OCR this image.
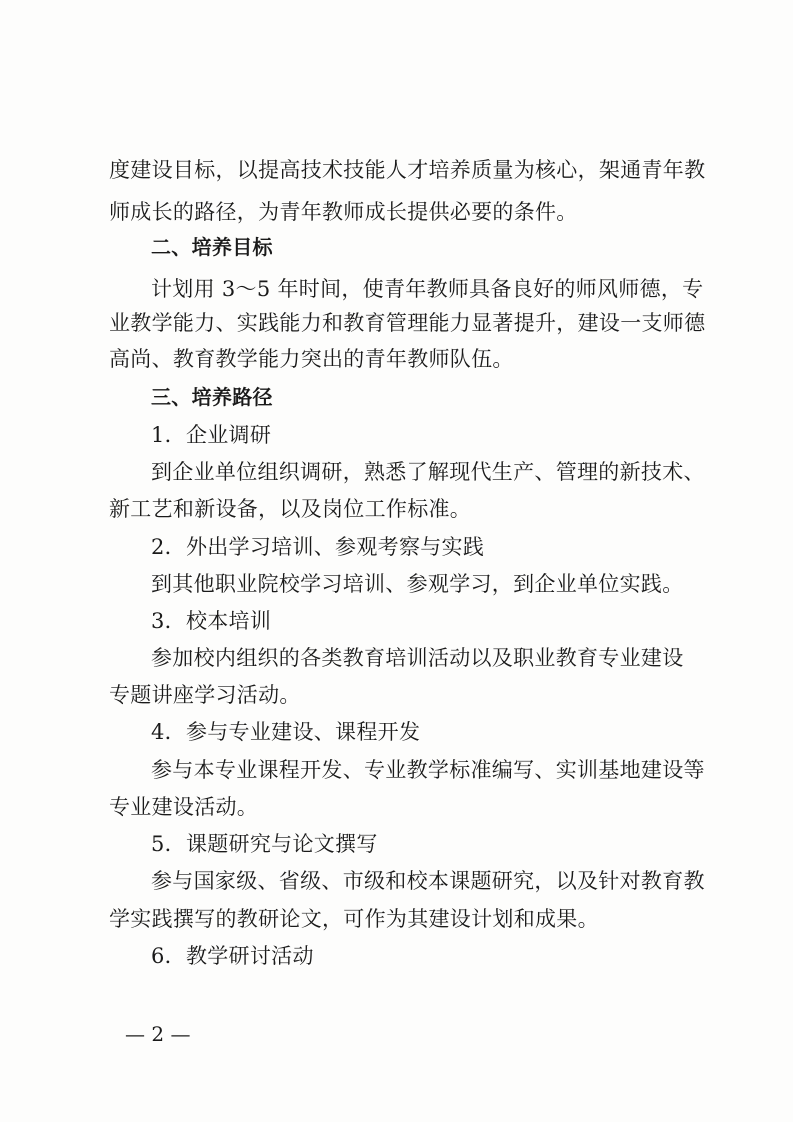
度建设目标，以提高技术技能人才培养质量为核心，架通青年教
师成长的路径，为青年教师成长提供必要的条件。
二、培养目标
计划用 3～5 年时间，使青年教师具备良好的师风师德，专
业教学能力、实践能力和教育管理能力显著提升，建设一支师德
高尚、教育教学能力突出的青年教师队伍。
三、培养路径
1．企业调研
到企业单位组织调研，熟悉了解现代生产、管理的新技术、
新工艺和新设备，以及岗位工作标准。
2．外出学习培训、参观考察与实践
到其他职业院校学习培训、参观学习，到企业单位实践。
3．校本培训
参加校内组织的各类教育培训活动以及职业教育专业建设
专题讲座学习活动。
4．参与专业建设、课程开发
参与本专业课程开发、专业教学标准编写、实训基地建设等
专业建设活动。
5．课题研究与论文撰写
参与国家级、省级、市级和校本课题研究，以及针对教育教
学实践撰写的教研论文，可作为其建设计划和成果。
6．教学研讨活动
— 2 —
